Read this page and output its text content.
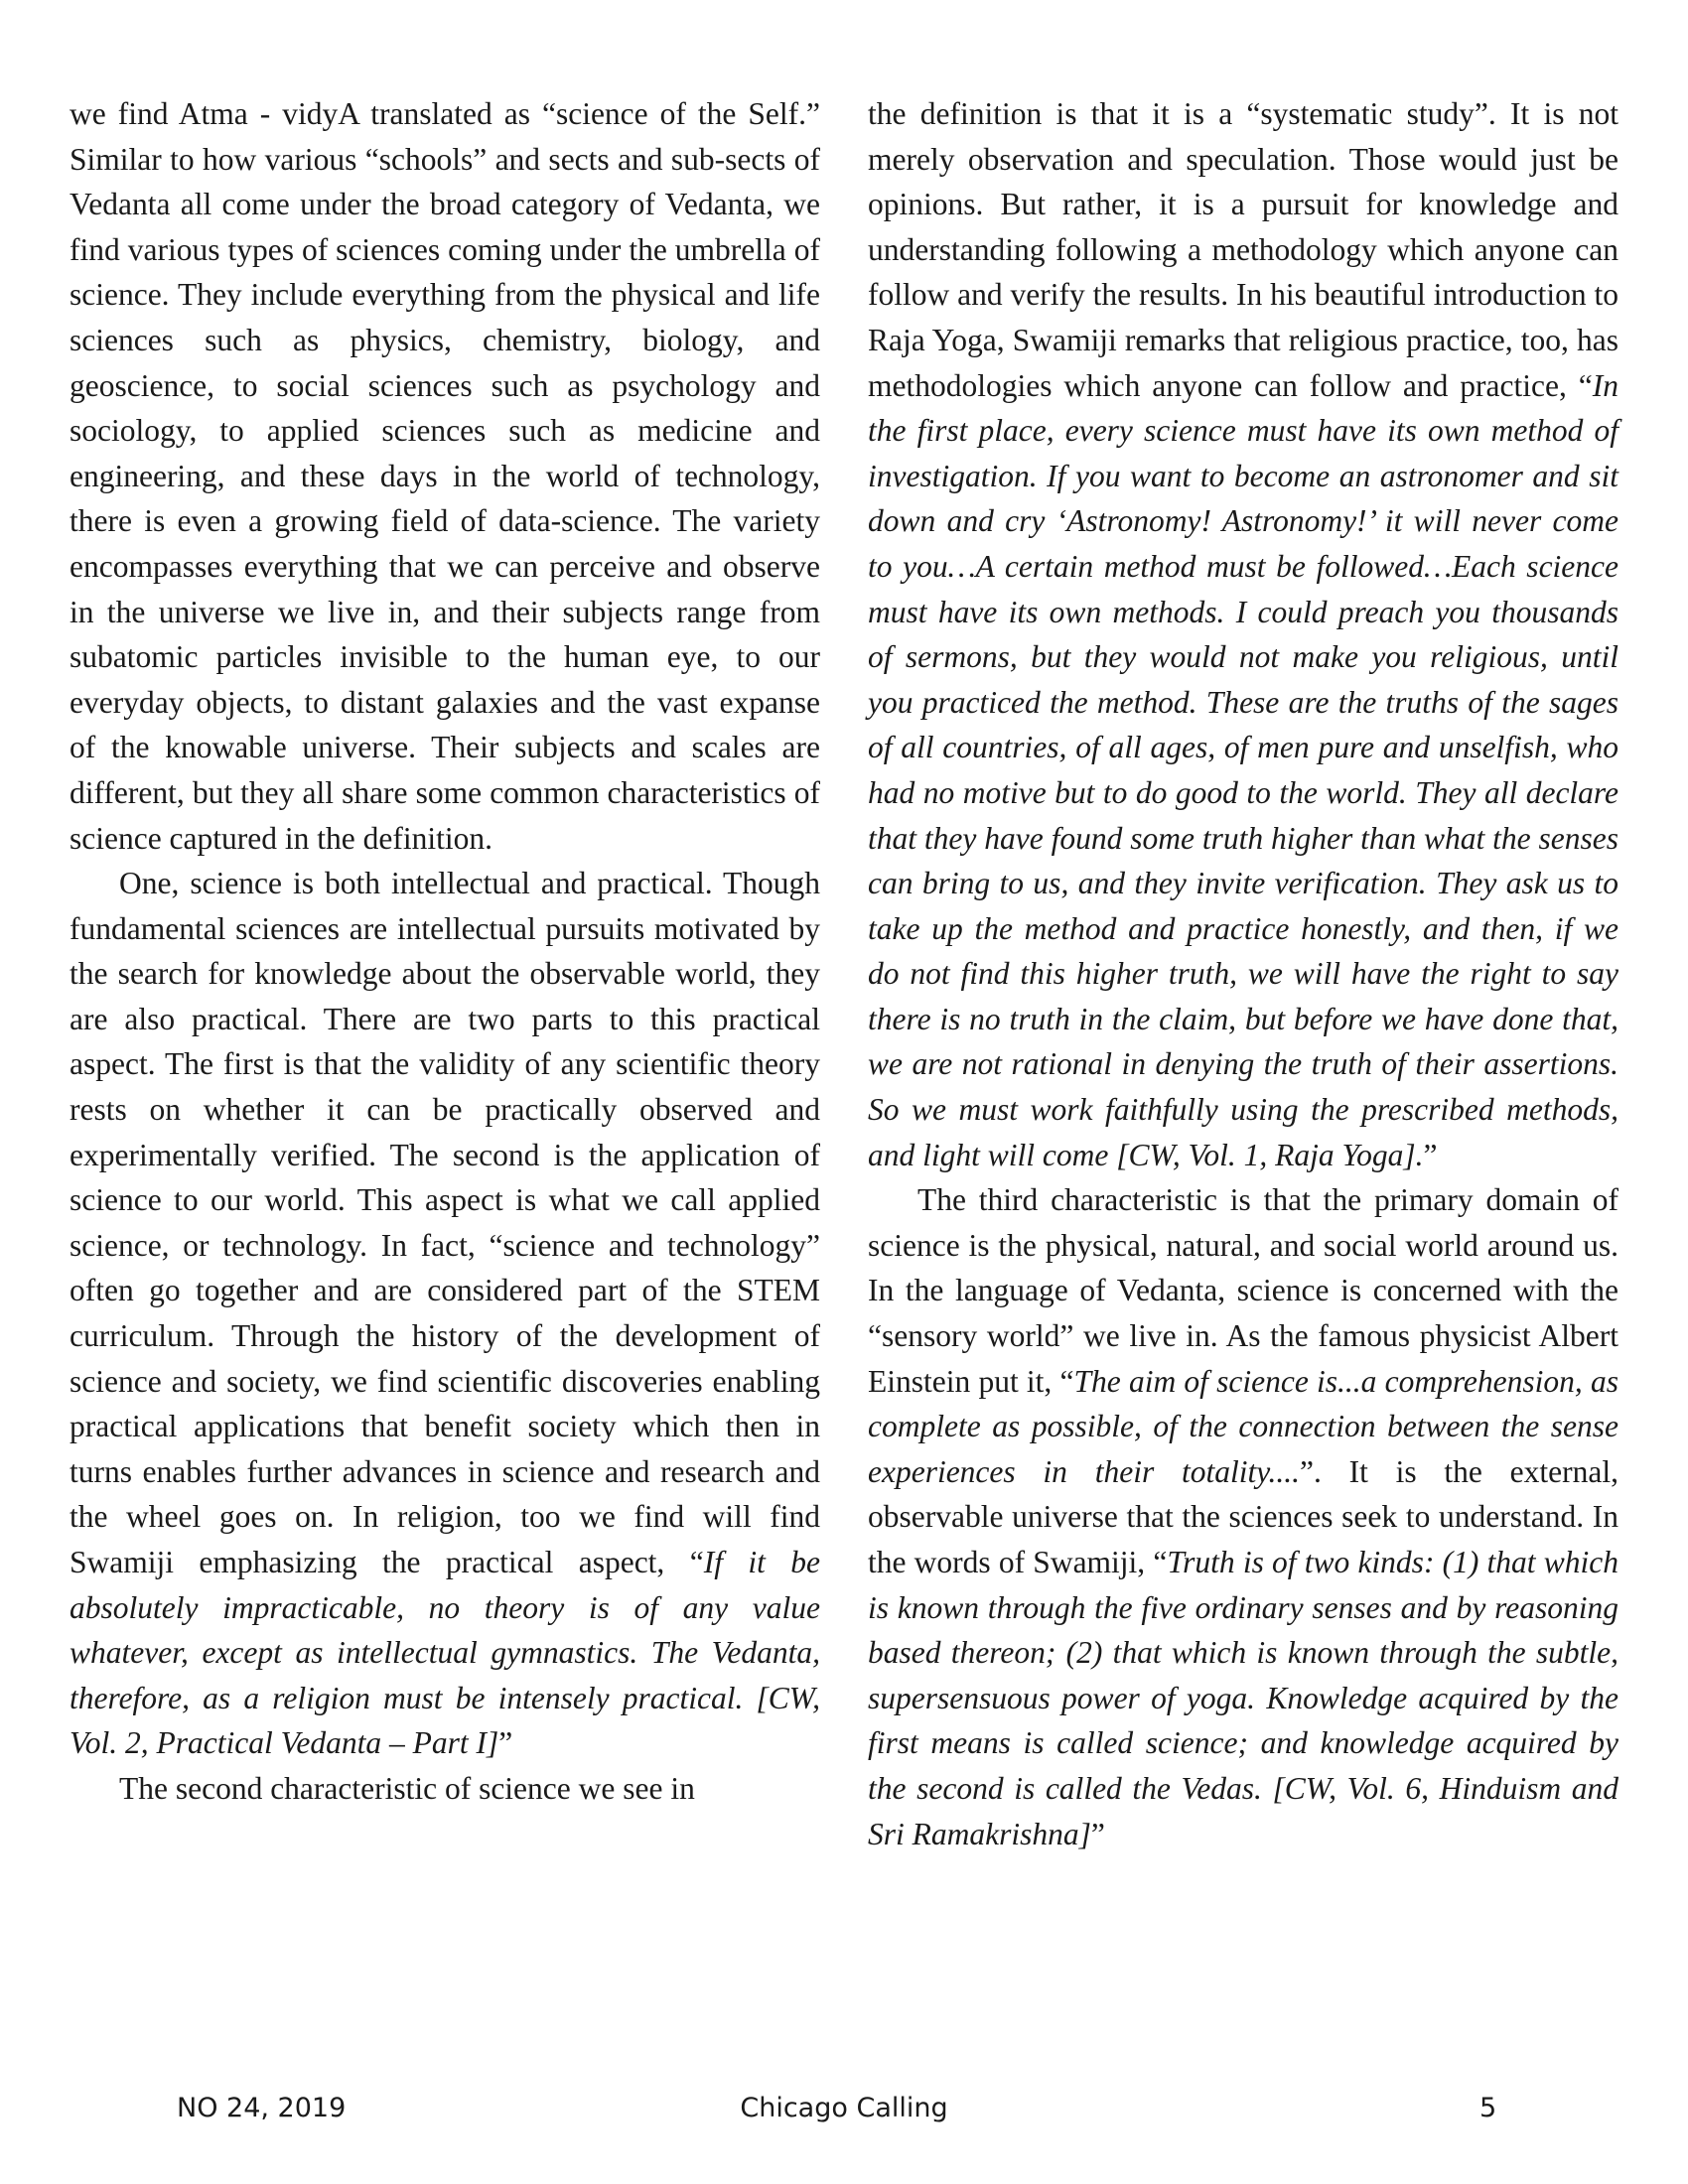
we find Atma - vidyA translated as “science of the Self.” Similar to how various “schools” and sects and sub-sects of Vedanta all come under the broad category of Vedanta, we find various types of sciences coming under the umbrella of science. They include everything from the physical and life sciences such as physics, chemistry, biology, and geoscience, to social sciences such as psychology and sociology, to applied sciences such as medicine and engineering, and these days in the world of technology, there is even a growing field of data-science. The variety encompasses everything that we can perceive and observe in the universe we live in, and their subjects range from subatomic particles invisible to the human eye, to our everyday objects, to distant galaxies and the vast expanse of the knowable universe. Their subjects and scales are different, but they all share some common characteristics of science captured in the definition.

One, science is both intellectual and practical. Though fundamental sciences are intellectual pursuits motivated by the search for knowledge about the observable world, they are also practical. There are two parts to this practical aspect. The first is that the validity of any scientific theory rests on whether it can be practically observed and experimentally verified. The second is the application of science to our world. This aspect is what we call applied science, or technology. In fact, “science and technology” often go together and are considered part of the STEM curriculum. Through the history of the development of science and society, we find scientific discoveries enabling practical applications that benefit society which then in turns enables further advances in science and research and the wheel goes on. In religion, too we find will find Swamiji emphasizing the practical aspect, “If it be absolutely impracticable, no theory is of any value whatever, except as intellectual gymnastics. The Vedanta, therefore, as a religion must be intensely practical. [CW, Vol. 2, Practical Vedanta – Part I]”

The second characteristic of science we see in

the definition is that it is a “systematic study”. It is not merely observation and speculation. Those would just be opinions. But rather, it is a pursuit for knowledge and understanding following a methodology which anyone can follow and verify the results. In his beautiful introduction to Raja Yoga, Swamiji remarks that religious practice, too, has methodologies which anyone can follow and practice, “In the first place, every science must have its own method of investigation. If you want to become an astronomer and sit down and cry ‘Astronomy! Astronomy!’ it will never come to you…A certain method must be followed…Each science must have its own methods. I could preach you thousands of sermons, but they would not make you religious, until you practiced the method. These are the truths of the sages of all countries, of all ages, of men pure and unselfish, who had no motive but to do good to the world. They all declare that they have found some truth higher than what the senses can bring to us, and they invite verification. They ask us to take up the method and practice honestly, and then, if we do not find this higher truth, we will have the right to say there is no truth in the claim, but before we have done that, we are not rational in denying the truth of their assertions. So we must work faithfully using the prescribed methods, and light will come [CW, Vol. 1, Raja Yoga].”

The third characteristic is that the primary domain of science is the physical, natural, and social world around us. In the language of Vedanta, science is concerned with the “sensory world” we live in. As the famous physicist Albert Einstein put it, “The aim of science is...a comprehension, as complete as possible, of the connection between the sense experiences in their totality....”. It is the external, observable universe that the sciences seek to understand. In the words of Swamiji, “Truth is of two kinds: (1) that which is known through the five ordinary senses and by reasoning based thereon; (2) that which is known through the subtle, supersensuous power of yoga. Knowledge acquired by the first means is called science; and knowledge acquired by the second is called the Vedas. [CW, Vol. 6, Hinduism and Sri Ramakrishna]”

NO 24, 2019	Chicago Calling	5
